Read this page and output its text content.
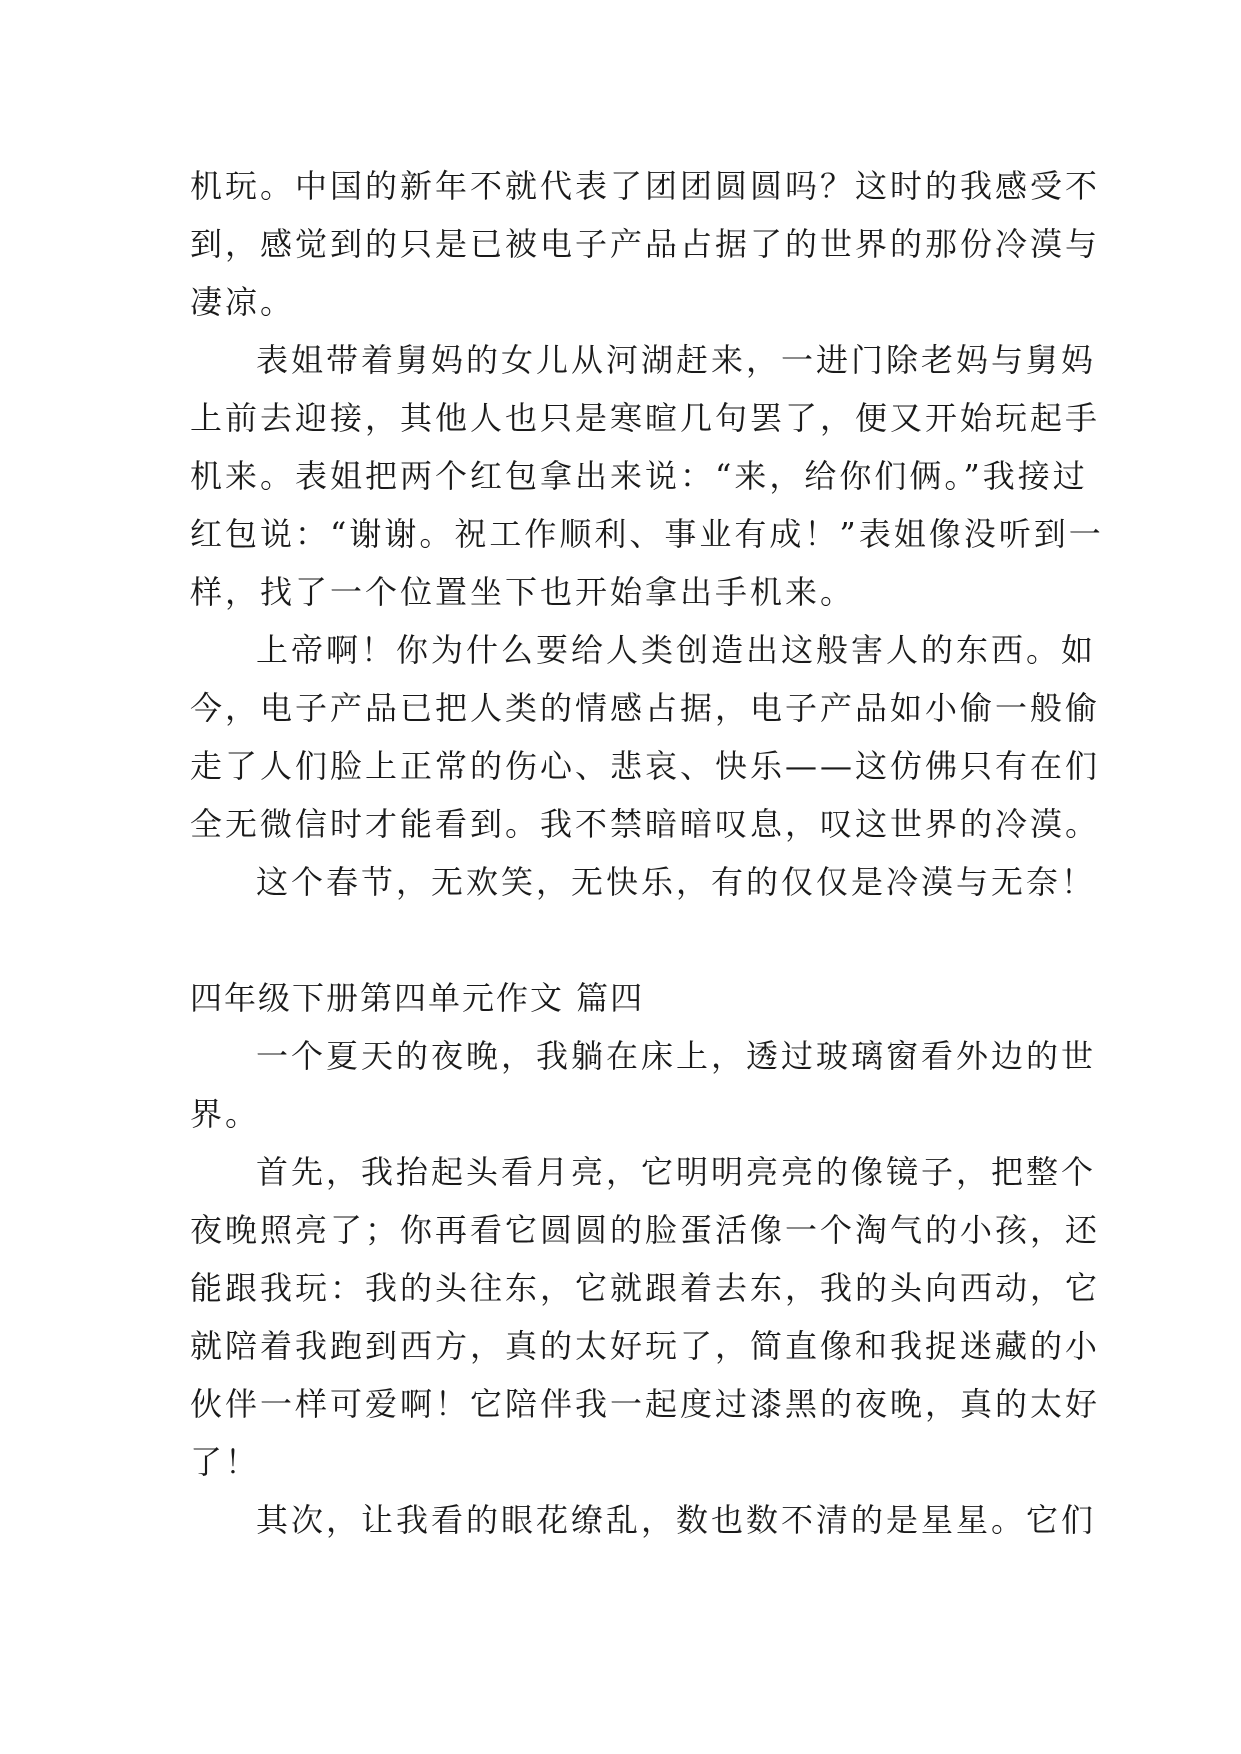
机玩。中国的新年不就代表了团团圆圆吗？这时的我感受不
到，感觉到的只是已被电子产品占据了的世界的那份冷漠与
凄凉。
表姐带着舅妈的女儿从河湖赶来，一进门除老妈与舅妈
上前去迎接，其他人也只是寒暄几句罢了，便又开始玩起手
机来。表姐把两个红包拿出来说：“来，给你们俩。”我接过
红包说：“谢谢。祝工作顺利、事业有成！”表姐像没听到一
样，找了一个位置坐下也开始拿出手机来。
上帝啊！你为什么要给人类创造出这般害人的东西。如
今，电子产品已把人类的情感占据，电子产品如小偷一般偷
走了人们脸上正常的伤心、悲哀、快乐——这仿佛只有在们
全无微信时才能看到。我不禁暗暗叹息，叹这世界的冷漠。
这个春节，无欢笑，无快乐，有的仅仅是冷漠与无奈！
四年级下册第四单元作文 篇四
一个夏天的夜晚，我躺在床上，透过玻璃窗看外边的世
界。
首先，我抬起头看月亮，它明明亮亮的像镜子，把整个
夜晚照亮了；你再看它圆圆的脸蛋活像一个淘气的小孩，还
能跟我玩：我的头往东，它就跟着去东，我的头向西动，它
就陪着我跑到西方，真的太好玩了，简直像和我捉迷藏的小
伙伴一样可爱啊！它陪伴我一起度过漆黑的夜晚，真的太好
了！
其次，让我看的眼花缭乱，数也数不清的是星星。它们
